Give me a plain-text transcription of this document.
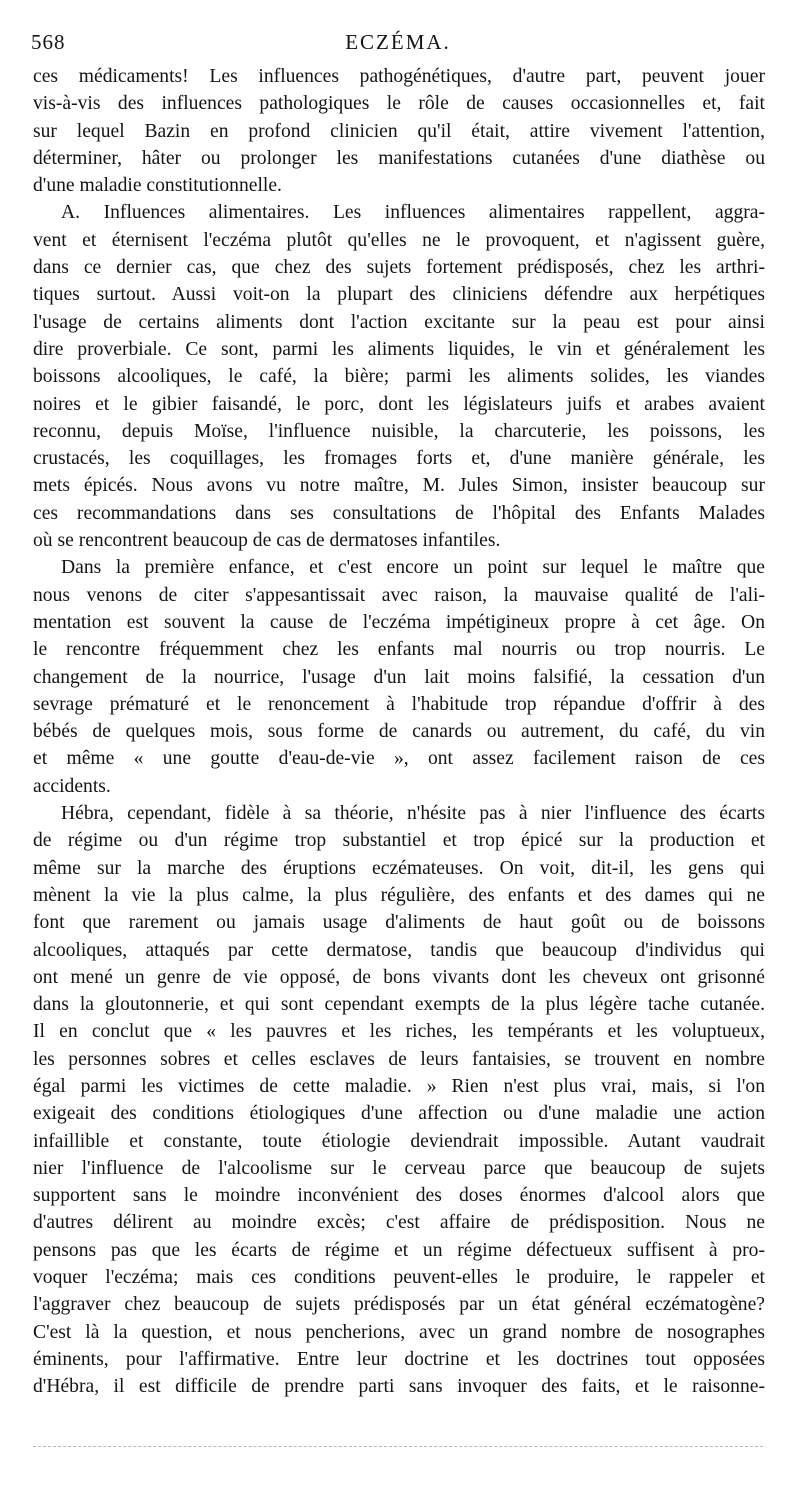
568	ECZÉMA.
ces médicaments! Les influences pathogénétiques, d'autre part, peuvent jouer
vis-à-vis des influences pathologiques le rôle de causes occasionnelles et, fait
sur lequel Bazin en profond clinicien qu'il était, attire vivement l'attention,
déterminer, hâter ou prolonger les manifestations cutanées d'une diathèse ou
d'une maladie constitutionnelle.
A. Influences alimentaires. Les influences alimentaires rappellent, aggra-
vent et éternisent l'eczéma plutôt qu'elles ne le provoquent, et n'agissent guère,
dans ce dernier cas, que chez des sujets fortement prédisposés, chez les arthri-
tiques surtout. Aussi voit-on la plupart des cliniciens défendre aux herpétiques
l'usage de certains aliments dont l'action excitante sur la peau est pour ainsi
dire proverbiale. Ce sont, parmi les aliments liquides, le vin et généralement les
boissons alcooliques, le café, la bière; parmi les aliments solides, les viandes
noires et le gibier faisandé, le porc, dont les législateurs juifs et arabes avaient
reconnu, depuis Moïse, l'influence nuisible, la charcuterie, les poissons, les
crustacés, les coquillages, les fromages forts et, d'une manière générale, les
mets épicés. Nous avons vu notre maître, M. Jules Simon, insister beaucoup sur
ces recommandations dans ses consultations de l'hôpital des Enfants Malades
où se rencontrent beaucoup de cas de dermatoses infantiles.
Dans la première enfance, et c'est encore un point sur lequel le maître que
nous venons de citer s'appesantissait avec raison, la mauvaise qualité de l'ali-
mentation est souvent la cause de l'eczéma impétigineux propre à cet âge. On
le rencontre fréquemment chez les enfants mal nourris ou trop nourris. Le
changement de la nourrice, l'usage d'un lait moins falsifié, la cessation d'un
sevrage prématuré et le renoncement à l'habitude trop répandue d'offrir à des
bébés de quelques mois, sous forme de canards ou autrement, du café, du vin
et même « une goutte d'eau-de-vie », ont assez facilement raison de ces
accidents.
Hébra, cependant, fidèle à sa théorie, n'hésite pas à nier l'influence des écarts
de régime ou d'un régime trop substantiel et trop épicé sur la production et
même sur la marche des éruptions eczémateuses. On voit, dit-il, les gens qui
mènent la vie la plus calme, la plus régulière, des enfants et des dames qui ne
font que rarement ou jamais usage d'aliments de haut goût ou de boissons
alcooliques, attaqués par cette dermatose, tandis que beaucoup d'individus qui
ont mené un genre de vie opposé, de bons vivants dont les cheveux ont grisonné
dans la gloutonnerie, et qui sont cependant exempts de la plus légère tache cutanée.
Il en conclut que « les pauvres et les riches, les tempérants et les voluptueux,
les personnes sobres et celles esclaves de leurs fantaisies, se trouvent en nombre
égal parmi les victimes de cette maladie. » Rien n'est plus vrai, mais, si l'on
exigeait des conditions étiologiques d'une affection ou d'une maladie une action
infaillible et constante, toute étiologie deviendrait impossible. Autant vaudrait
nier l'influence de l'alcoolisme sur le cerveau parce que beaucoup de sujets
supportent sans le moindre inconvénient des doses énormes d'alcool alors que
d'autres délirent au moindre excès; c'est affaire de prédisposition. Nous ne
pensons pas que les écarts de régime et un régime défectueux suffisent à pro-
voquer l'eczéma; mais ces conditions peuvent-elles le produire, le rappeler et
l'aggraver chez beaucoup de sujets prédisposés par un état général eczématogène?
C'est là la question, et nous pencherions, avec un grand nombre de nosographes
éminents, pour l'affirmative. Entre leur doctrine et les doctrines tout opposées
d'Hébra, il est difficile de prendre parti sans invoquer des faits, et le raisonne-
